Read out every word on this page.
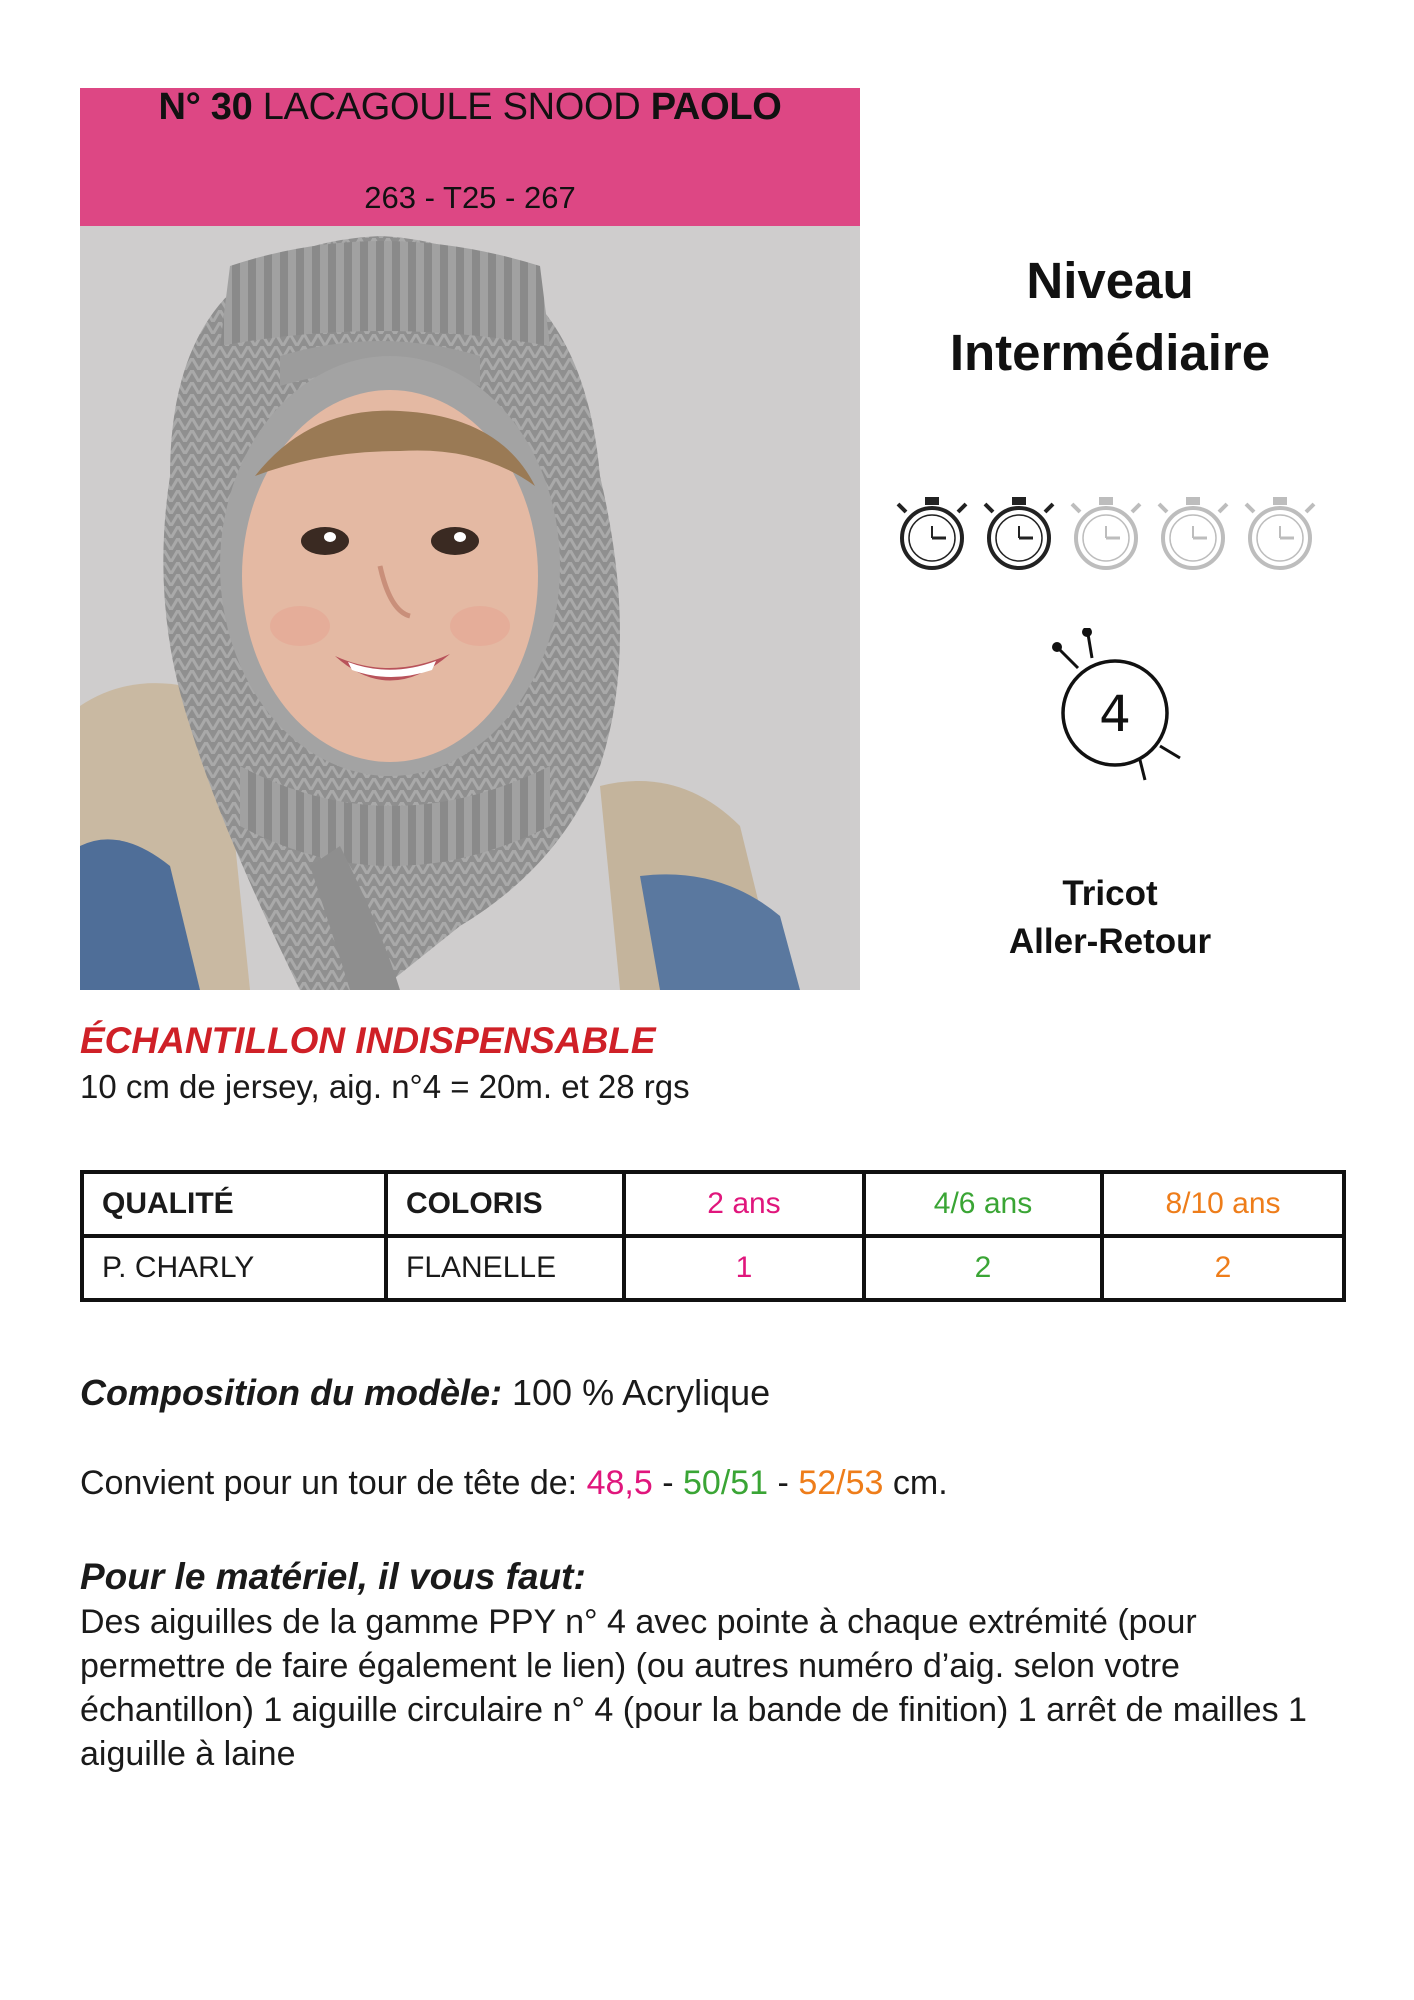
N° 30 LACAGOULE SNOOD PAOLO
263 - T25 - 267
Niveau
Intermédiaire
4
Tricot
Aller-Retour
ÉCHANTILLON INDISPENSABLE
10 cm de jersey, aig. n°4 = 20m. et 28 rgs
QUALITÉ	COLORIS	2 ans	4/6 ans	8/10 ans
P. CHARLY	FLANELLE	1	2	2
Composition du modèle: 100 % Acrylique
Convient pour un tour de tête de: 48,5 - 50/51 - 52/53 cm.
Pour le matériel, il vous faut:
Des aiguilles de la gamme PPY n° 4 avec pointe à chaque extrémité (pour permettre de faire également le lien) (ou autres numéro d’aig. selon votre échantillon) 1 aiguille circulaire n° 4 (pour la bande de finition) 1 arrêt de mailles 1 aiguille à laine
